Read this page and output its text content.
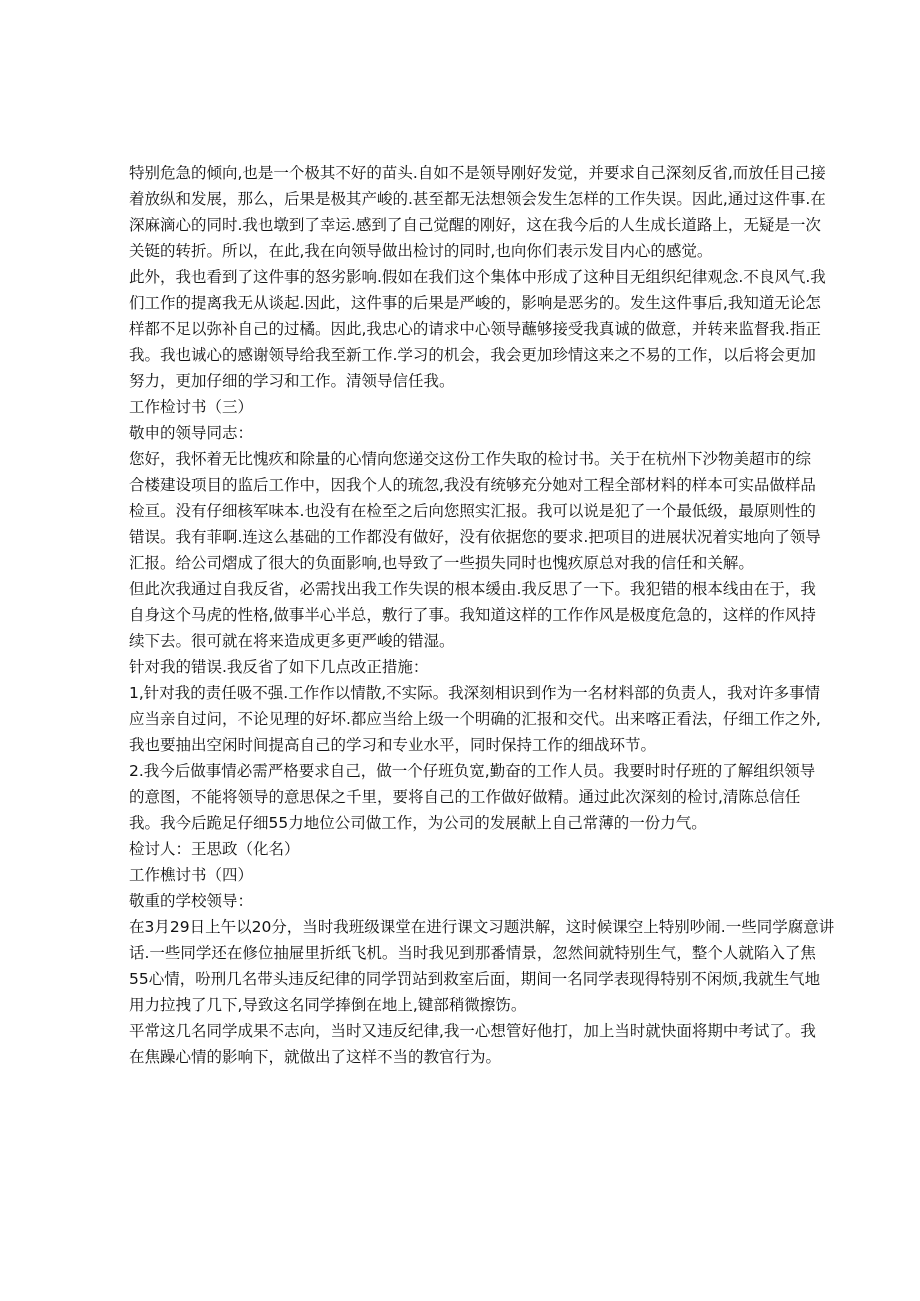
特别危急的倾向,也是一个极其不好的苗头.自如不是领导刚好发觉，并要求自己深刻反省,而放任目己接
着放纵和发展，那么，后果是极其产峻的.甚至都无法想领会发生怎样的工作失误。因此,通过这件事.在
深麻滴心的同时.我也墩到了幸运.感到了自己觉醒的刚好，这在我今后的人生成长道路上，无疑是一次
关铤的转折。所以，在此,我在向领导做出检讨的同时,也向你们表示发目内心的感觉。
此外，我也看到了这件事的怒劣影响.假如在我们这个集体中形成了这种目无组织纪律观念.不良风气.我
们工作的提离我无从谈起.因此，这件事的后果是严峻的，影响是恶劣的。发生这件事后,我知道无论怎
样都不足以弥补自己的过橘。因此,我忠心的请求中心领导蘸够接受我真诚的做意，并转来监督我.指正
我。我也诚心的感谢领导给我至新工作.学习的机会，我会更加珍情这来之不易的工作，以后将会更加
努力，更加仔细的学习和工作。清领导信任我。
工作检讨书（三）
敬申的领导同志：
您好，我怀着无比愧疚和除量的心情向您递交这份工作失取的检讨书。关于在杭州下沙物美超市的综
合楼建设项目的监后工作中，因我个人的琉忽,我没有统够充分她对工程全部材料的样本可实品做样品
检亘。没有仔细核军味本.也没有在检至之后向您照实汇报。我可以说是犯了一个最低级，最原则性的
错误。我有菲啊.连这么基础的工作都没有做好，没有依据您的要求.把项目的进展状况着实地向了领导
汇报。给公司熠成了很大的负面影响,也导致了一些损失同时也愧疚原总对我的信任和关解。
但此次我通过自我反省，必需找出我工作失误的根本缓由.我反思了一下。我犯错的根本线由在于，我
自身这个马虎的性格,做事半心半总，敷行了事。我知道这样的工作作风是极度危急的，这样的作风持
续下去。很可就在将来造成更多更严峻的错湿。
针对我的错误.我反省了如下几点改正措施：
1,针对我的责任吸不强.工作作以情散,不实际。我深刻相识到作为一名材料部的负责人，我对许多事情
应当亲自过问，不论见理的好坏.都应当给上级一个明确的汇报和交代。出来喀正看法，仔细工作之外,
我也要抽出空闲时间提高自己的学习和专业水平，同时保持工作的细战环节。
2.我今后做事情必需严格要求自己，做一个仔班负宽,勤奋的工作人员。我要时时仔班的了解组织领导
的意图，不能将领导的意思保之千里，要将自己的工作做好做精。通过此次深刻的检讨,清陈总信任
我。我今后跪足仔细55力地位公司做工作，为公司的发展献上自己常薄的一份力气。
检讨人：王思政（化名）
工作樵讨书（四）
敬重的学校领导：
在3月29日上午以20分，当时我班级课堂在进行课文习题洪解，这时候课空上特别吵闹.一些同学腐意讲
话.一些同学还在修位抽屉里折纸飞机。当时我见到那番情景，忽然间就特别生气，整个人就陷入了焦
55心情，吩刑几名带头违反纪律的同学罚站到救室后面，期间一名同学表现得特别不闲烦,我就生气地
用力拉拽了几下,导致这名同学捧倒在地上,键部稍微擦饬。
平常这几名同学成果不志向，当时又违反纪律,我一心想管好他打，加上当时就快面将期中考试了。我
在焦躁心情的影响下，就做出了这样不当的教官行为。
